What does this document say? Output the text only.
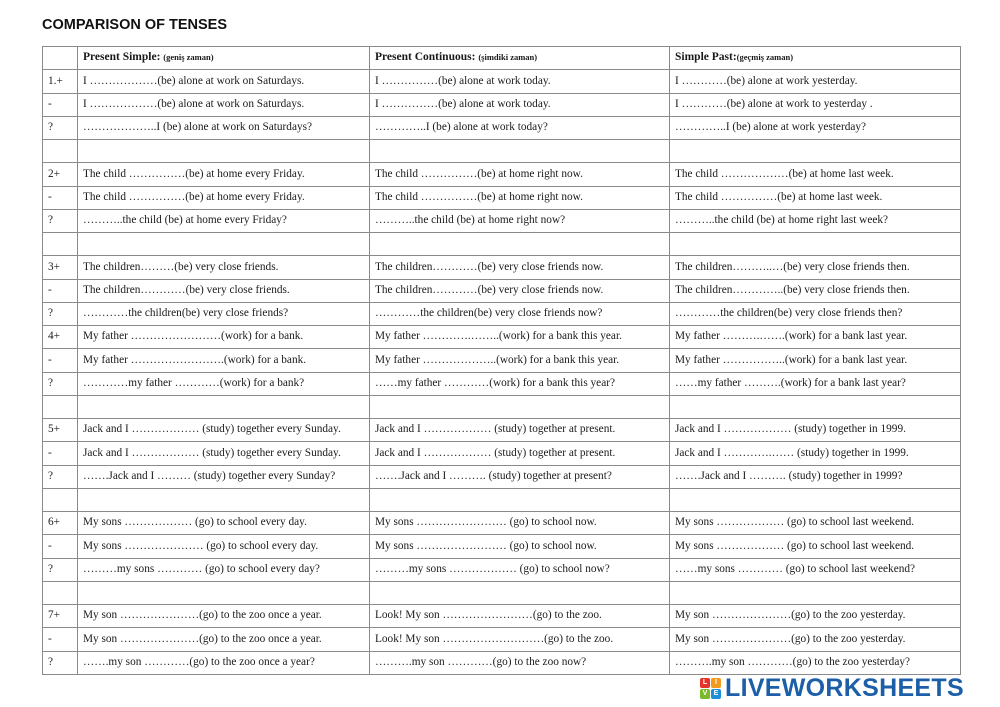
COMPARISON OF TENSES
	Present Simple: (geniş zaman)	Present Continuous: (şimdiki zaman)	Simple Past:(geçmiş zaman)
1.+	I ………………(be) alone at work on Saturdays.	I ……………(be) alone at work today.	I …………(be) alone at work yesterday.
-	I ………………(be) alone at work on Saturdays.	I ……………(be) alone at work today.	I …………(be) alone at work to yesterday .
?	………………..I (be) alone at work on Saturdays?	…………..I (be) alone at work today?	…………..I (be) alone at work yesterday?

2+	The child ……………(be) at home every Friday.	The child ……………(be) at home right now.	The child ………………(be) at home last week.
-	The child ……………(be) at home every Friday.	The child ……………(be) at home right now.	The child ……………(be) at home last week.
?	………..the child (be) at home every Friday?	………..the child (be) at home right now?	………..the child (be) at home right last week?

3+	The children………(be) very close friends.	The children…………(be) very close friends now.	The children………..…(be) very close friends then.
-	The children…………(be) very close friends.	The children…………(be) very close friends now.	The children…………..(be) very close friends then.
?	…………the children(be) very close friends?	…………the children(be) very close friends now?	…………the children(be) very close friends then?
4+	My father ……………………(work) for a bank.	My father ………….……..(work) for a bank this year.	My father ……….…….(work) for a bank last year.
-	My father …………………….(work) for a bank.	My father ………………..(work) for a bank this year.	My father ……………..(work) for a bank last year.
?	…………my father …………(work) for a bank?	……my father …………(work) for a bank this year?	……my father ……….(work) for a bank last year?

5+	Jack and I ……………… (study) together every Sunday.	Jack and I ……………… (study) together at present.	Jack and I ……………… (study) together in 1999.
-	Jack and I ……………… (study) together every Sunday.	Jack and I ……………… (study) together at present.	Jack and I ………….…… (study) together in 1999.
?	…….Jack and I ……… (study) together every Sunday?	…….Jack and I ………. (study) together at present?	…….Jack and I ………. (study) together in 1999?

6+	My sons ……………… (go) to school every day.	My sons …………………… (go) to school now.	My sons ……………… (go) to school last weekend.
-	My sons ………………… (go) to school every day.	My sons …………………… (go) to school now.	My sons ……………… (go) to school last weekend.
?	………my sons ………… (go) to school every day?	………my sons ……………… (go) to school now?	……my sons ………… (go) to school last weekend?

7+	My son …………………(go) to the zoo once a year.	Look! My son ……………………(go) to the zoo.	My son …………………(go) to the zoo yesterday.
-	My son …………………(go) to the zoo once a year.	Look! My son ………………………(go) to the zoo.	My son …………………(go) to the zoo yesterday.
?	…….my son …………(go) to the zoo once a year?	……….my son …………(go) to the zoo now?	……….my son …………(go) to the zoo yesterday?
L	I
V E LIVEWORKSHEETS
